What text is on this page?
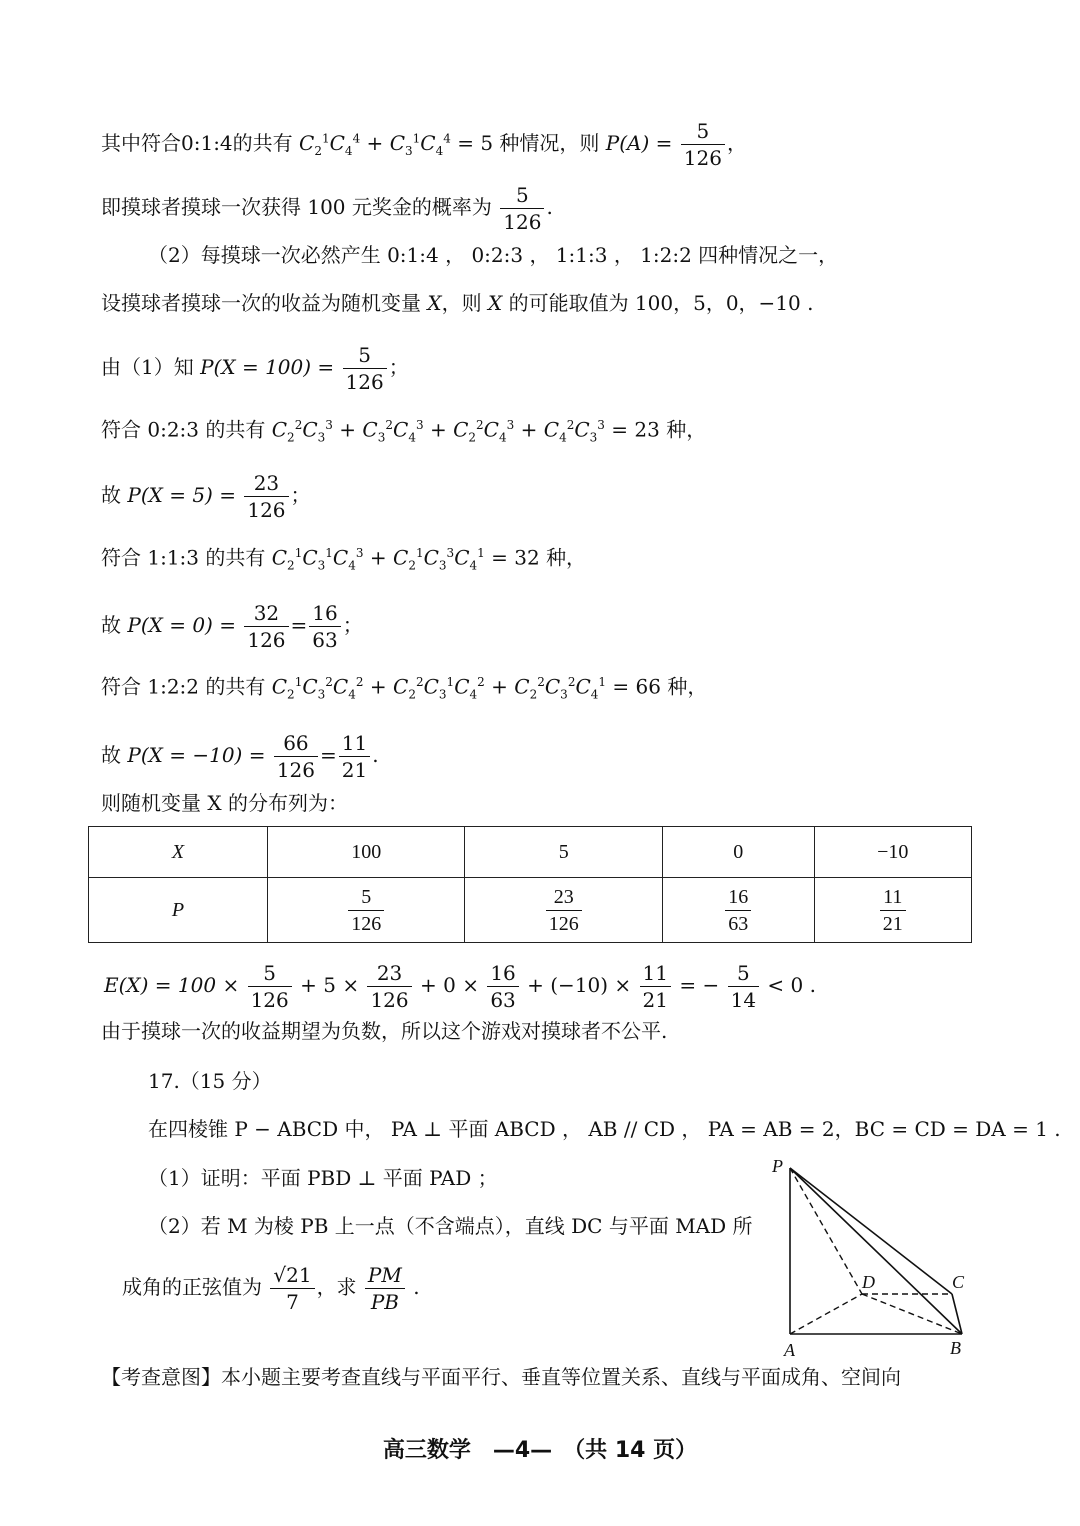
其中符合0:1:4的共有 $C_2^1C_4^4 + C_3^1C_4^4 = 5$ 种情况，则 $P(A) = \frac{5}{126}$ ，
即摸球者摸球一次获得 100 元奖金的概率为 $\frac{5}{126}$ .
（2）每摸球一次必然产生 0:1:4 ， 0:2:3 ， 1:1:3 ， 1:2:2 四种情况之一，
设摸球者摸球一次的收益为随机变量 X，则 X 的可能取值为 100，5，0，−10 .
由（1）知 $P(X = 100) = \frac{5}{126}$ ；
符合 0:2:3 的共有 $C_2^2C_3^3 + C_3^2C_4^3 + C_2^2C_4^3 + C_4^2C_3^3 = 23$ 种，
故 $P(X = 5) = \frac{23}{126}$ ；
符合 1:1:3 的共有 $C_2^1C_3^1C_4^3 + C_2^1C_3^3C_4^1 = 32$ 种，
故 $P(X = 0) = \frac{32}{126} = \frac{16}{63}$ ；
符合 1:2:2 的共有 $C_2^1C_3^2C_4^2 + C_2^2C_3^1C_4^2 + C_2^2C_3^2C_4^1 = 66$ 种，
故 $P(X = -10) = \frac{66}{126} = \frac{11}{21}$ .
则随机变量 X 的分布列为：
X	100	5	0	−10
P	$\frac{5}{126}$	$\frac{23}{126}$	$\frac{16}{63}$	$\frac{11}{21}$
$E(X) = 100 \times \frac{5}{126} + 5 \times \frac{23}{126} + 0 \times \frac{16}{63} + (-10) \times \frac{11}{21}$ = − $\frac{5}{14} < 0$ .
由于摸球一次的收益期望为负数，所以这个游戏对摸球者不公平.
17.（15 分）
在四棱锥 P − ABCD 中， PA ⊥ 平面 ABCD ， AB // CD ， PA = AB = 2，BC = CD = DA = 1 .
（1）证明：平面 PBD ⊥ 平面 PAD ；
（2）若 M 为棱 PB 上一点（不含端点），直线 DC 与平面 MAD 所
成角的正弦值为 $\frac{√21}{7}$ ，求 $\frac{PM}{PB}$ .
【考查意图】本小题主要考查直线与平面平行、垂直等位置关系、直线与平面成角、空间向
P
A	B
C
D
高三数学　—4—　（共 14 页）
